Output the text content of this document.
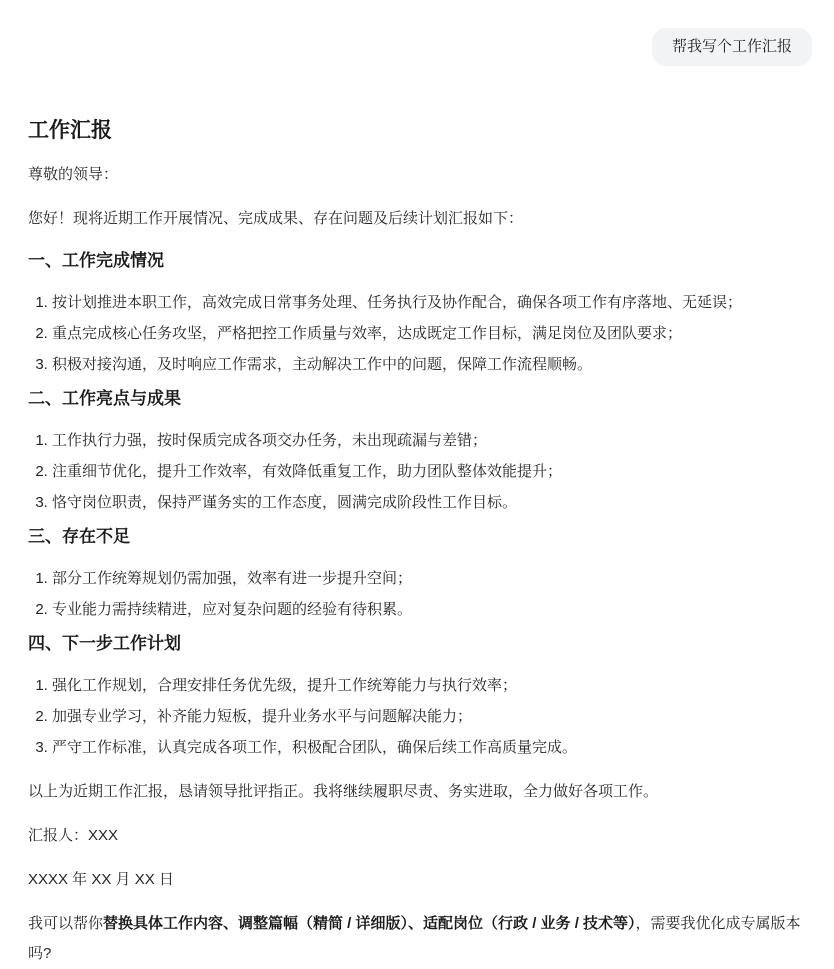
帮我写个工作汇报
工作汇报

尊敬的领导：

您好！现将近期工作开展情况、完成成果、存在问题及后续计划汇报如下：

一、工作完成情况
1. 按计划推进本职工作，高效完成日常事务处理、任务执行及协作配合，确保各项工作有序落地、无延误；
2. 重点完成核心任务攻坚，严格把控工作质量与效率，达成既定工作目标，满足岗位及团队要求；
3. 积极对接沟通，及时响应工作需求，主动解决工作中的问题，保障工作流程顺畅。
二、工作亮点与成果
1. 工作执行力强，按时保质完成各项交办任务，未出现疏漏与差错；
2. 注重细节优化，提升工作效率，有效降低重复工作，助力团队整体效能提升；
3. 恪守岗位职责，保持严谨务实的工作态度，圆满完成阶段性工作目标。
三、存在不足
1. 部分工作统筹规划仍需加强，效率有进一步提升空间；
2. 专业能力需持续精进，应对复杂问题的经验有待积累。
四、下一步工作计划
1. 强化工作规划，合理安排任务优先级，提升工作统筹能力与执行效率；
2. 加强专业学习，补齐能力短板，提升业务水平与问题解决能力；
3. 严守工作标准，认真完成各项工作，积极配合团队，确保后续工作高质量完成。

以上为近期工作汇报，恳请领导批评指正。我将继续履职尽责、务实进取，全力做好各项工作。

汇报人：XXX

XXXX 年 XX 月 XX 日

我可以帮你替换具体工作内容、调整篇幅（精简 / 详细版）、适配岗位（行政 / 业务 / 技术等），需要我优化成专属版本吗?
